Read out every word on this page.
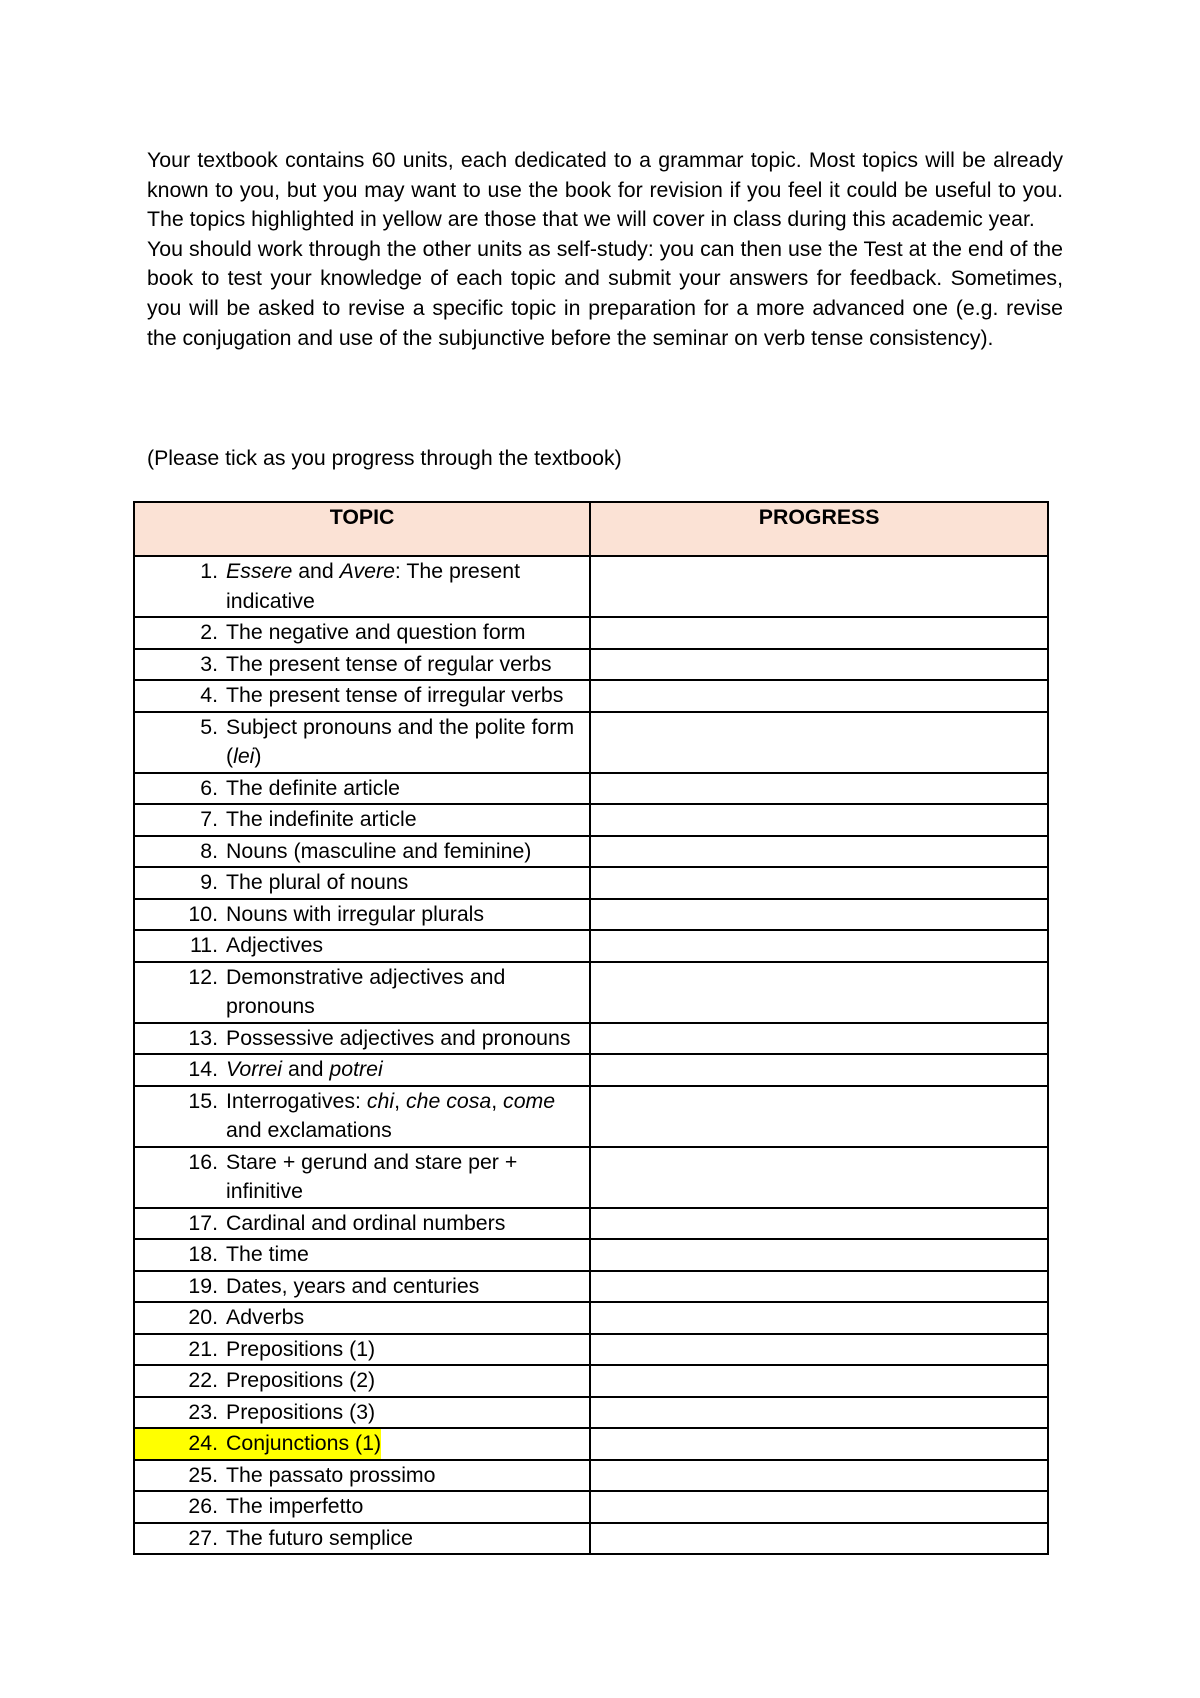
Your textbook contains 60 units, each dedicated to a grammar topic. Most topics will be already known to you, but you may want to use the book for revision if you feel it could be useful to you. The topics highlighted in yellow are those that we will cover in class during this academic year.

You should work through the other units as self-study: you can then use the Test at the end of the book to test your knowledge of each topic and submit your answers for feedback. Sometimes, you will be asked to revise a specific topic in preparation for a more advanced one (e.g. revise the conjugation and use of the subjunctive before the seminar on verb tense consistency).

(Please tick as you progress through the textbook)
TOPIC	PROGRESS

1. Essere and Avere: The present indicative	

2. The negative and question form	

3. The present tense of regular verbs	

4. The present tense of irregular verbs	

5. Subject pronouns and the polite form (lei)	

6. The definite article	

7. The indefinite article	

8. Nouns (masculine and feminine)	

9. The plural of nouns	

10. Nouns with irregular plurals	

11. Adjectives	

12. Demonstrative adjectives and pronouns	

13. Possessive adjectives and pronouns	

14. Vorrei and potrei	

15. Interrogatives: chi, che cosa, come and exclamations	

16. Stare + gerund and stare per + infinitive	

17. Cardinal and ordinal numbers	

18. The time	

19. Dates, years and centuries	

20. Adverbs	

21. Prepositions (1)	

22. Prepositions (2)	

23. Prepositions (3)	

24. Conjunctions (1)	

25. The passato prossimo	

26. The imperfetto	

27. The futuro semplice	
